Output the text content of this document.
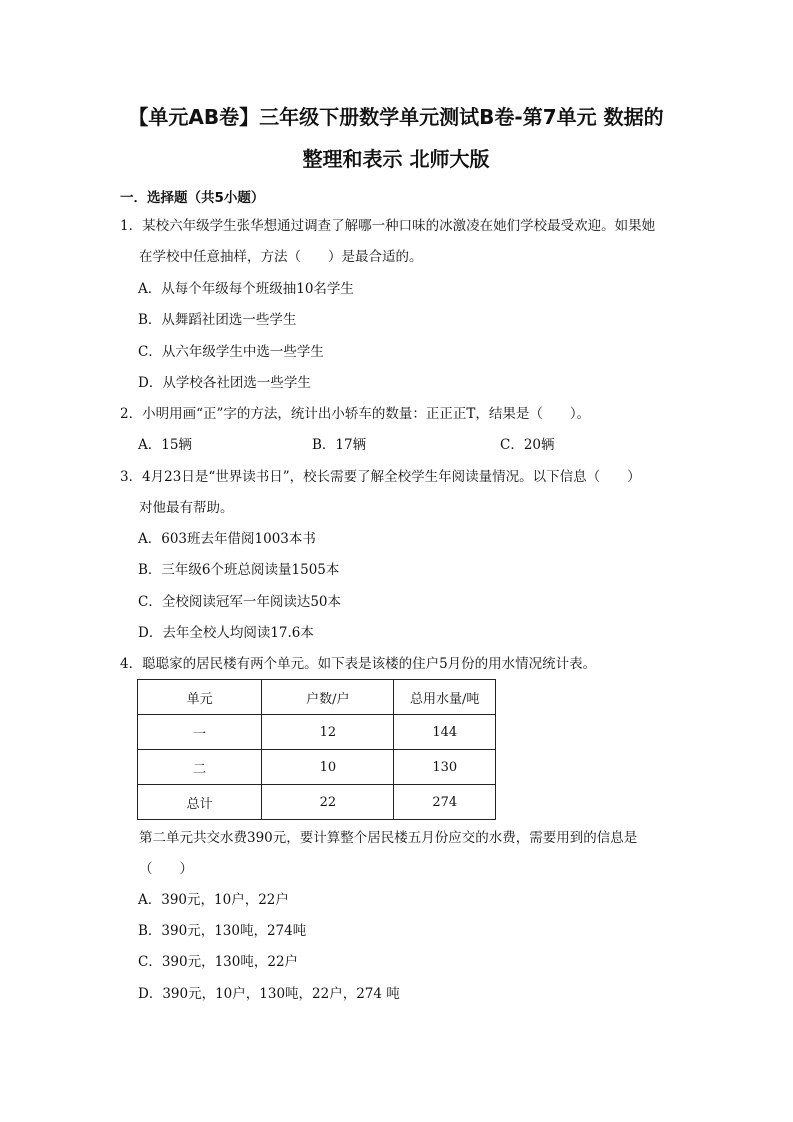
【单元AB卷】三年级下册数学单元测试B卷-第7单元 数据的
整理和表示 北师大版
一．选择题（共5小题）
1．某校六年级学生张华想通过调查了解哪一种口味的冰激凌在她们学校最受欢迎。如果她
在学校中任意抽样，方法（　　）是最合适的。
A．从每个年级每个班级抽10名学生
B．从舞蹈社团选一些学生
C．从六年级学生中选一些学生
D．从学校各社团选一些学生
2．小明用画“正”字的方法，统计出小轿车的数量：正正正T，结果是（　　）。
A．15辆	B．17辆	C．20辆
3．4月23日是“世界读书日”，校长需要了解全校学生年阅读量情况。以下信息（　　）
对他最有帮助。
A．603班去年借阅1003本书
B．三年级6个班总阅读量1505本
C．全校阅读冠军一年阅读达50本
D．去年全校人均阅读17.6本
4．聪聪家的居民楼有两个单元。如下表是该楼的住户5月份的用水情况统计表。
单元	户数/户	总用水量/吨
一	12	144
二	10	130
总计	22	274
第二单元共交水费390元，要计算整个居民楼五月份应交的水费，需要用到的信息是
（　　）
A．390元，10户，22户
B．390元，130吨，274吨
C．390元，130吨，22户
D．390元，10户，130吨，22户，274 吨
